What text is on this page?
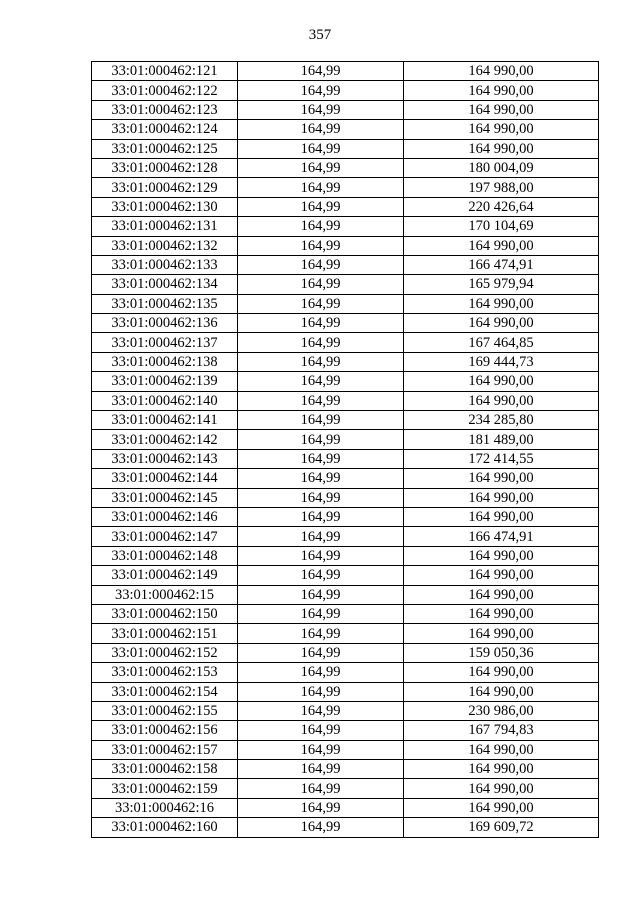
357
33:01:000462:121	164,99	164 990,00
33:01:000462:122	164,99	164 990,00
33:01:000462:123	164,99	164 990,00
33:01:000462:124	164,99	164 990,00
33:01:000462:125	164,99	164 990,00
33:01:000462:128	164,99	180 004,09
33:01:000462:129	164,99	197 988,00
33:01:000462:130	164,99	220 426,64
33:01:000462:131	164,99	170 104,69
33:01:000462:132	164,99	164 990,00
33:01:000462:133	164,99	166 474,91
33:01:000462:134	164,99	165 979,94
33:01:000462:135	164,99	164 990,00
33:01:000462:136	164,99	164 990,00
33:01:000462:137	164,99	167 464,85
33:01:000462:138	164,99	169 444,73
33:01:000462:139	164,99	164 990,00
33:01:000462:140	164,99	164 990,00
33:01:000462:141	164,99	234 285,80
33:01:000462:142	164,99	181 489,00
33:01:000462:143	164,99	172 414,55
33:01:000462:144	164,99	164 990,00
33:01:000462:145	164,99	164 990,00
33:01:000462:146	164,99	164 990,00
33:01:000462:147	164,99	166 474,91
33:01:000462:148	164,99	164 990,00
33:01:000462:149	164,99	164 990,00
33:01:000462:15	164,99	164 990,00
33:01:000462:150	164,99	164 990,00
33:01:000462:151	164,99	164 990,00
33:01:000462:152	164,99	159 050,36
33:01:000462:153	164,99	164 990,00
33:01:000462:154	164,99	164 990,00
33:01:000462:155	164,99	230 986,00
33:01:000462:156	164,99	167 794,83
33:01:000462:157	164,99	164 990,00
33:01:000462:158	164,99	164 990,00
33:01:000462:159	164,99	164 990,00
33:01:000462:16	164,99	164 990,00
33:01:000462:160	164,99	169 609,72
